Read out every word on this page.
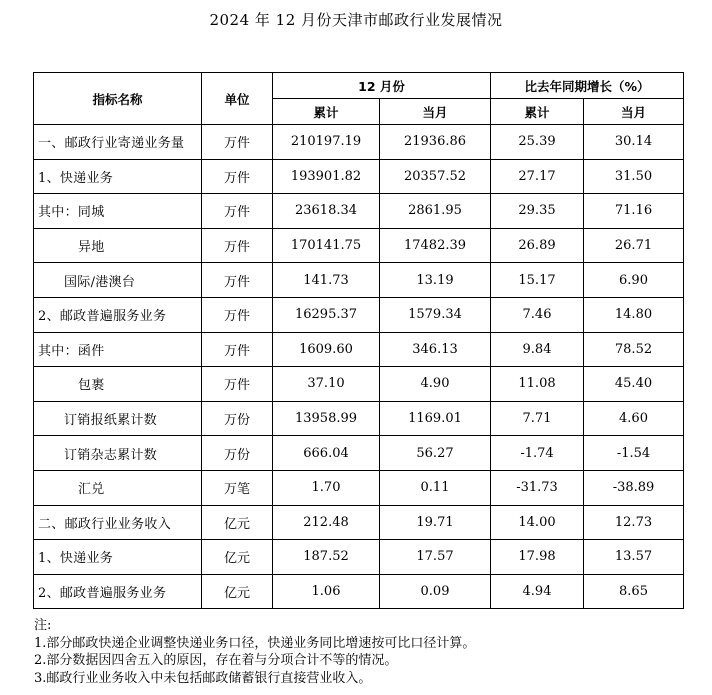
2024 年 12 月份天津市邮政行业发展情况
指标名称	单位	12 月份		比去年同期增长（%）	
		累计	当月	累计	当月
一、邮政行业寄递业务量	万件	210197.19	21936.86	25.39	30.14
1、快递业务	万件	193901.82	20357.52	27.17	31.50
其中：同城	万件	23618.34	2861.95	29.35	71.16
异地	万件	170141.75	17482.39	26.89	26.71
国际/港澳台	万件	141.73	13.19	15.17	6.90
2、邮政普遍服务业务	万件	16295.37	1579.34	7.46	14.80
其中：函件	万件	1609.60	346.13	9.84	78.52
包裹	万件	37.10	4.90	11.08	45.40
订销报纸累计数	万份	13958.99	1169.01	7.71	4.60
订销杂志累计数	万份	666.04	56.27	-1.74	-1.54
汇兑	万笔	1.70	0.11	-31.73	-38.89
二、邮政行业业务收入	亿元	212.48	19.71	14.00	12.73
1、快递业务	亿元	187.52	17.57	17.98	13.57
2、邮政普遍服务业务	亿元	1.06	0.09	4.94	8.65
注:
1.部分邮政快递企业调整快递业务口径，快递业务同比增速按可比口径计算。
2.部分数据因四舍五入的原因，存在着与分项合计不等的情况。
3.邮政行业业务收入中未包括邮政储蓄银行直接营业收入。
